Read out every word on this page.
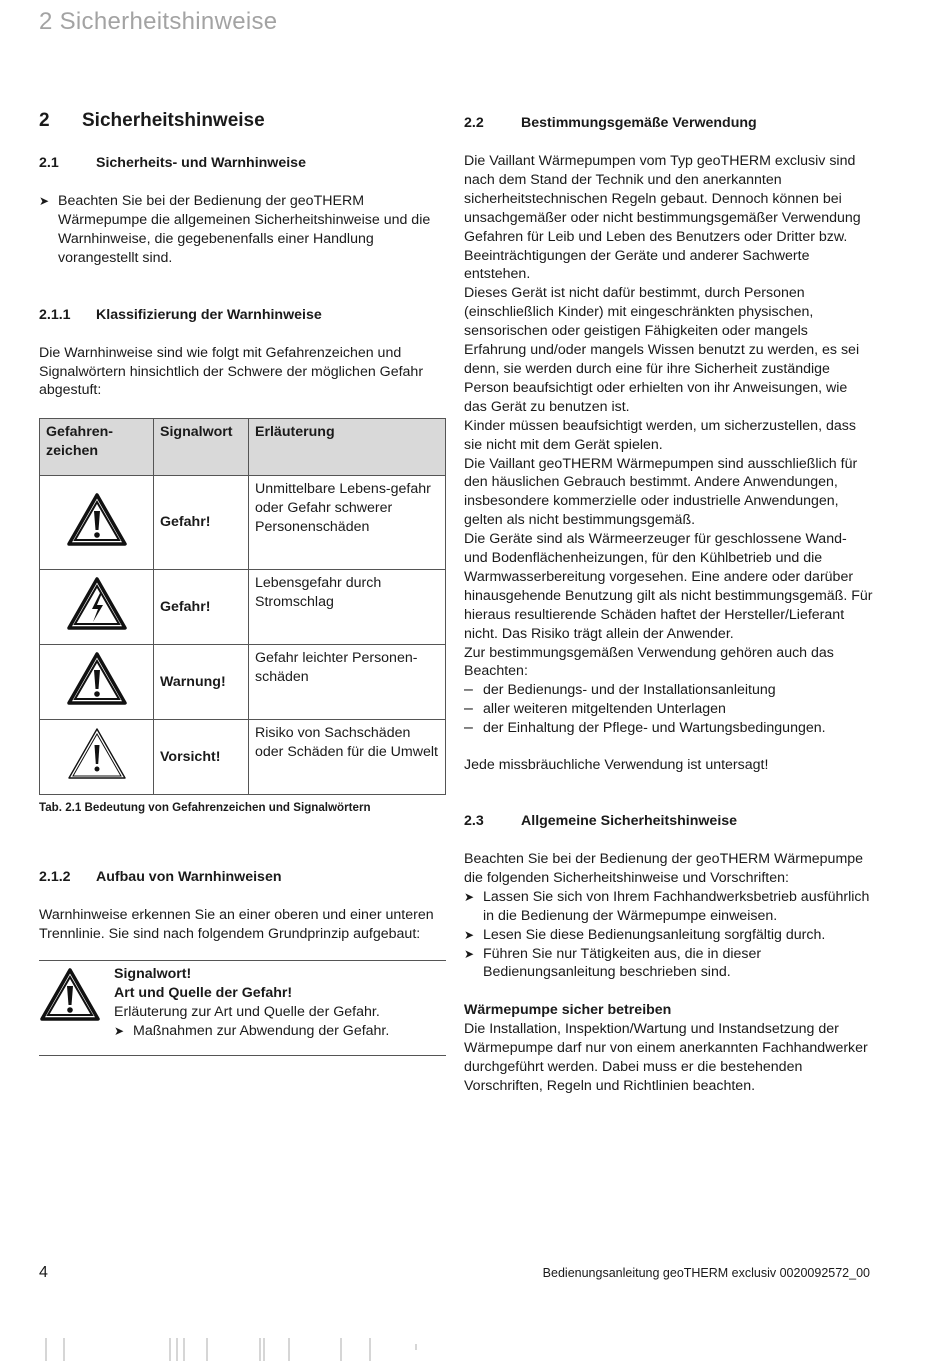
2 Sicherheitshinweise
2	Sicherheitshinweise
2.1	Sicherheits- und Warnhinweise
➤ Beachten Sie bei der Bedienung der geoTHERM Wärmepumpe die allgemeinen Sicherheitshinweise und die Warnhinweise, die gegebenenfalls einer Handlung vorangestellt sind.

2.1.1	Klassifizierung der Warnhinweise

Die Warnhinweise sind wie folgt mit Gefahrenzeichen und Signalwörtern hinsichtlich der Schwere der möglichen Gefahr abgestuft:

Gefahren-zeichen	Signalwort	Erläuterung
	Gefahr!	Unmittelbare Lebens-gefahr oder Gefahr schwerer Personenschäden
	Gefahr!	Lebensgefahr durch Stromschlag
	Warnung!	Gefahr leichter Personen-schäden
	Vorsicht!	Risiko von Sachschäden oder Schäden für die Umwelt
Tab. 2.1 Bedeutung von Gefahrenzeichen und Signalwörtern
2.1.2	Aufbau von Warnhinweisen

Warnhinweise erkennen Sie an einer oberen und einer unteren Trennlinie. Sie sind nach folgendem Grundprinzip aufgebaut:

Signalwort!
Art und Quelle der Gefahr!
Erläuterung zur Art und Quelle der Gefahr.
➤ Maßnahmen zur Abwendung der Gefahr.
2.2	Bestimmungsgemäße Verwendung

Die Vaillant Wärmepumpen vom Typ geoTHERM exclusiv sind nach dem Stand der Technik und den anerkannten sicherheitstechnischen Regeln gebaut. Dennoch können bei unsachgemäßer oder nicht bestimmungsgemäßer Verwendung Gefahren für Leib und Leben des Benutzers oder Dritter bzw. Beeinträchtigungen der Geräte und anderer Sachwerte entstehen.

Dieses Gerät ist nicht dafür bestimmt, durch Personen (einschließlich Kinder) mit eingeschränkten physischen, sensorischen oder geistigen Fähigkeiten oder mangels Erfahrung und/oder mangels Wissen benutzt zu werden, es sei denn, sie werden durch eine für ihre Sicherheit zuständige Person beaufsichtigt oder erhielten von ihr Anweisungen, wie das Gerät zu benutzen ist.

Kinder müssen beaufsichtigt werden, um sicherzustellen, dass sie nicht mit dem Gerät spielen.

Die Vaillant geoTHERM Wärmepumpen sind ausschließlich für den häuslichen Gebrauch bestimmt. Andere Anwendungen, insbesondere kommerzielle oder industrielle Anwendungen, gelten als nicht bestimmungsgemäß.

Die Geräte sind als Wärmeerzeuger für geschlossene Wand- und Bodenflächenheizungen, für den Kühlbetrieb und die Warmwasserbereitung vorgesehen. Eine andere oder darüber hinausgehende Benutzung gilt als nicht bestimmungsgemäß. Für hieraus resultierende Schäden haftet der Hersteller/Lieferant nicht. Das Risiko trägt allein der Anwender.

Zur bestimmungsgemäßen Verwendung gehören auch das Beachten:

– der Bedienungs- und der Installationsanleitung
– aller weiteren mitgeltenden Unterlagen
– der Einhaltung der Pflege- und Wartungsbedingungen.

Jede missbräuchliche Verwendung ist untersagt!

2.3	Allgemeine Sicherheitshinweise

Beachten Sie bei der Bedienung der geoTHERM Wärmepumpe die folgenden Sicherheitshinweise und Vorschriften:

➤ Lassen Sie sich von Ihrem Fachhandwerksbetrieb ausführlich in die Bedienung der Wärmepumpe einweisen.

➤ Lesen Sie diese Bedienungsanleitung sorgfältig durch.

➤ Führen Sie nur Tätigkeiten aus, die in dieser Bedienungsanleitung beschrieben sind.

Wärmepumpe sicher betreiben

Die Installation, Inspektion/Wartung und Instandsetzung der Wärmepumpe darf nur von einem anerkannten Fachhandwerker durchgeführt werden. Dabei muss er die bestehenden Vorschriften, Regeln und Richtlinien beachten.

4	Bedienungsanleitung geoTHERM exclusiv 0020092572_00
